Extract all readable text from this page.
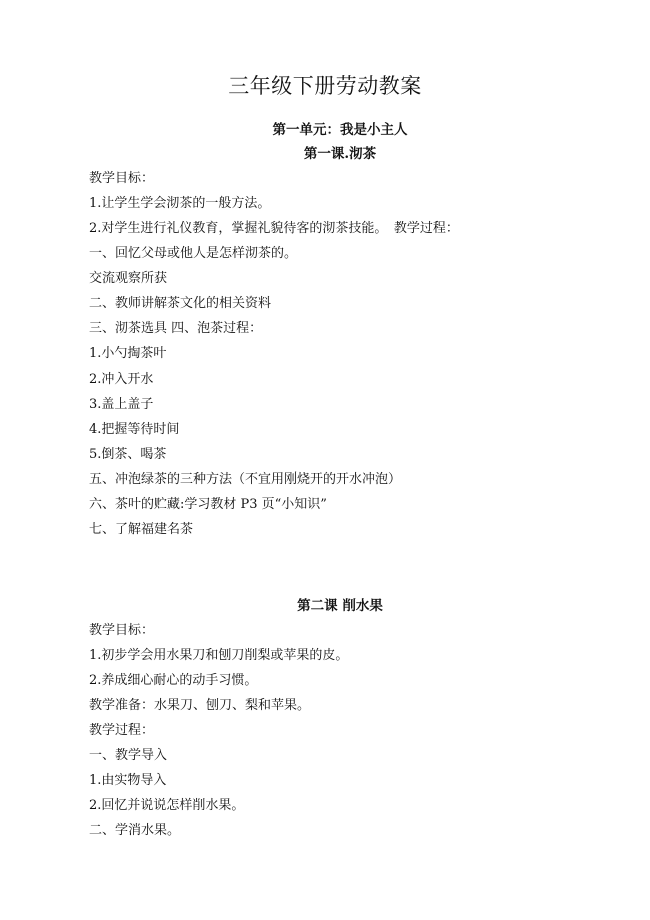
三年级下册劳动教案
第一单元：我是小主人
第一课.沏茶
教学目标：
1.让学生学会沏茶的一般方法。
2.对学生进行礼仪教育，掌握礼貌待客的沏茶技能。　教学过程：
一、回忆父母或他人是怎样沏茶的。
交流观察所获
二、教师讲解茶文化的相关资料
三、沏茶选具 四、泡茶过程：
1.小勺掏茶叶
2.冲入开水
3.盖上盖子
4.把握等待时间
5.倒茶、喝茶
五、冲泡绿茶的三种方法（不宜用刚烧开的开水冲泡）
六、茶叶的贮藏:学习教材 P3 页“小知识”
七、了解福建名茶
第二课 削水果
教学目标：
1.初步学会用水果刀和刨刀削梨或苹果的皮。
2.养成细心耐心的动手习惯。
教学准备：水果刀、刨刀、梨和苹果。
教学过程：
一、教学导入
1.由实物导入
2.回忆并说说怎样削水果。
二、学消水果。
